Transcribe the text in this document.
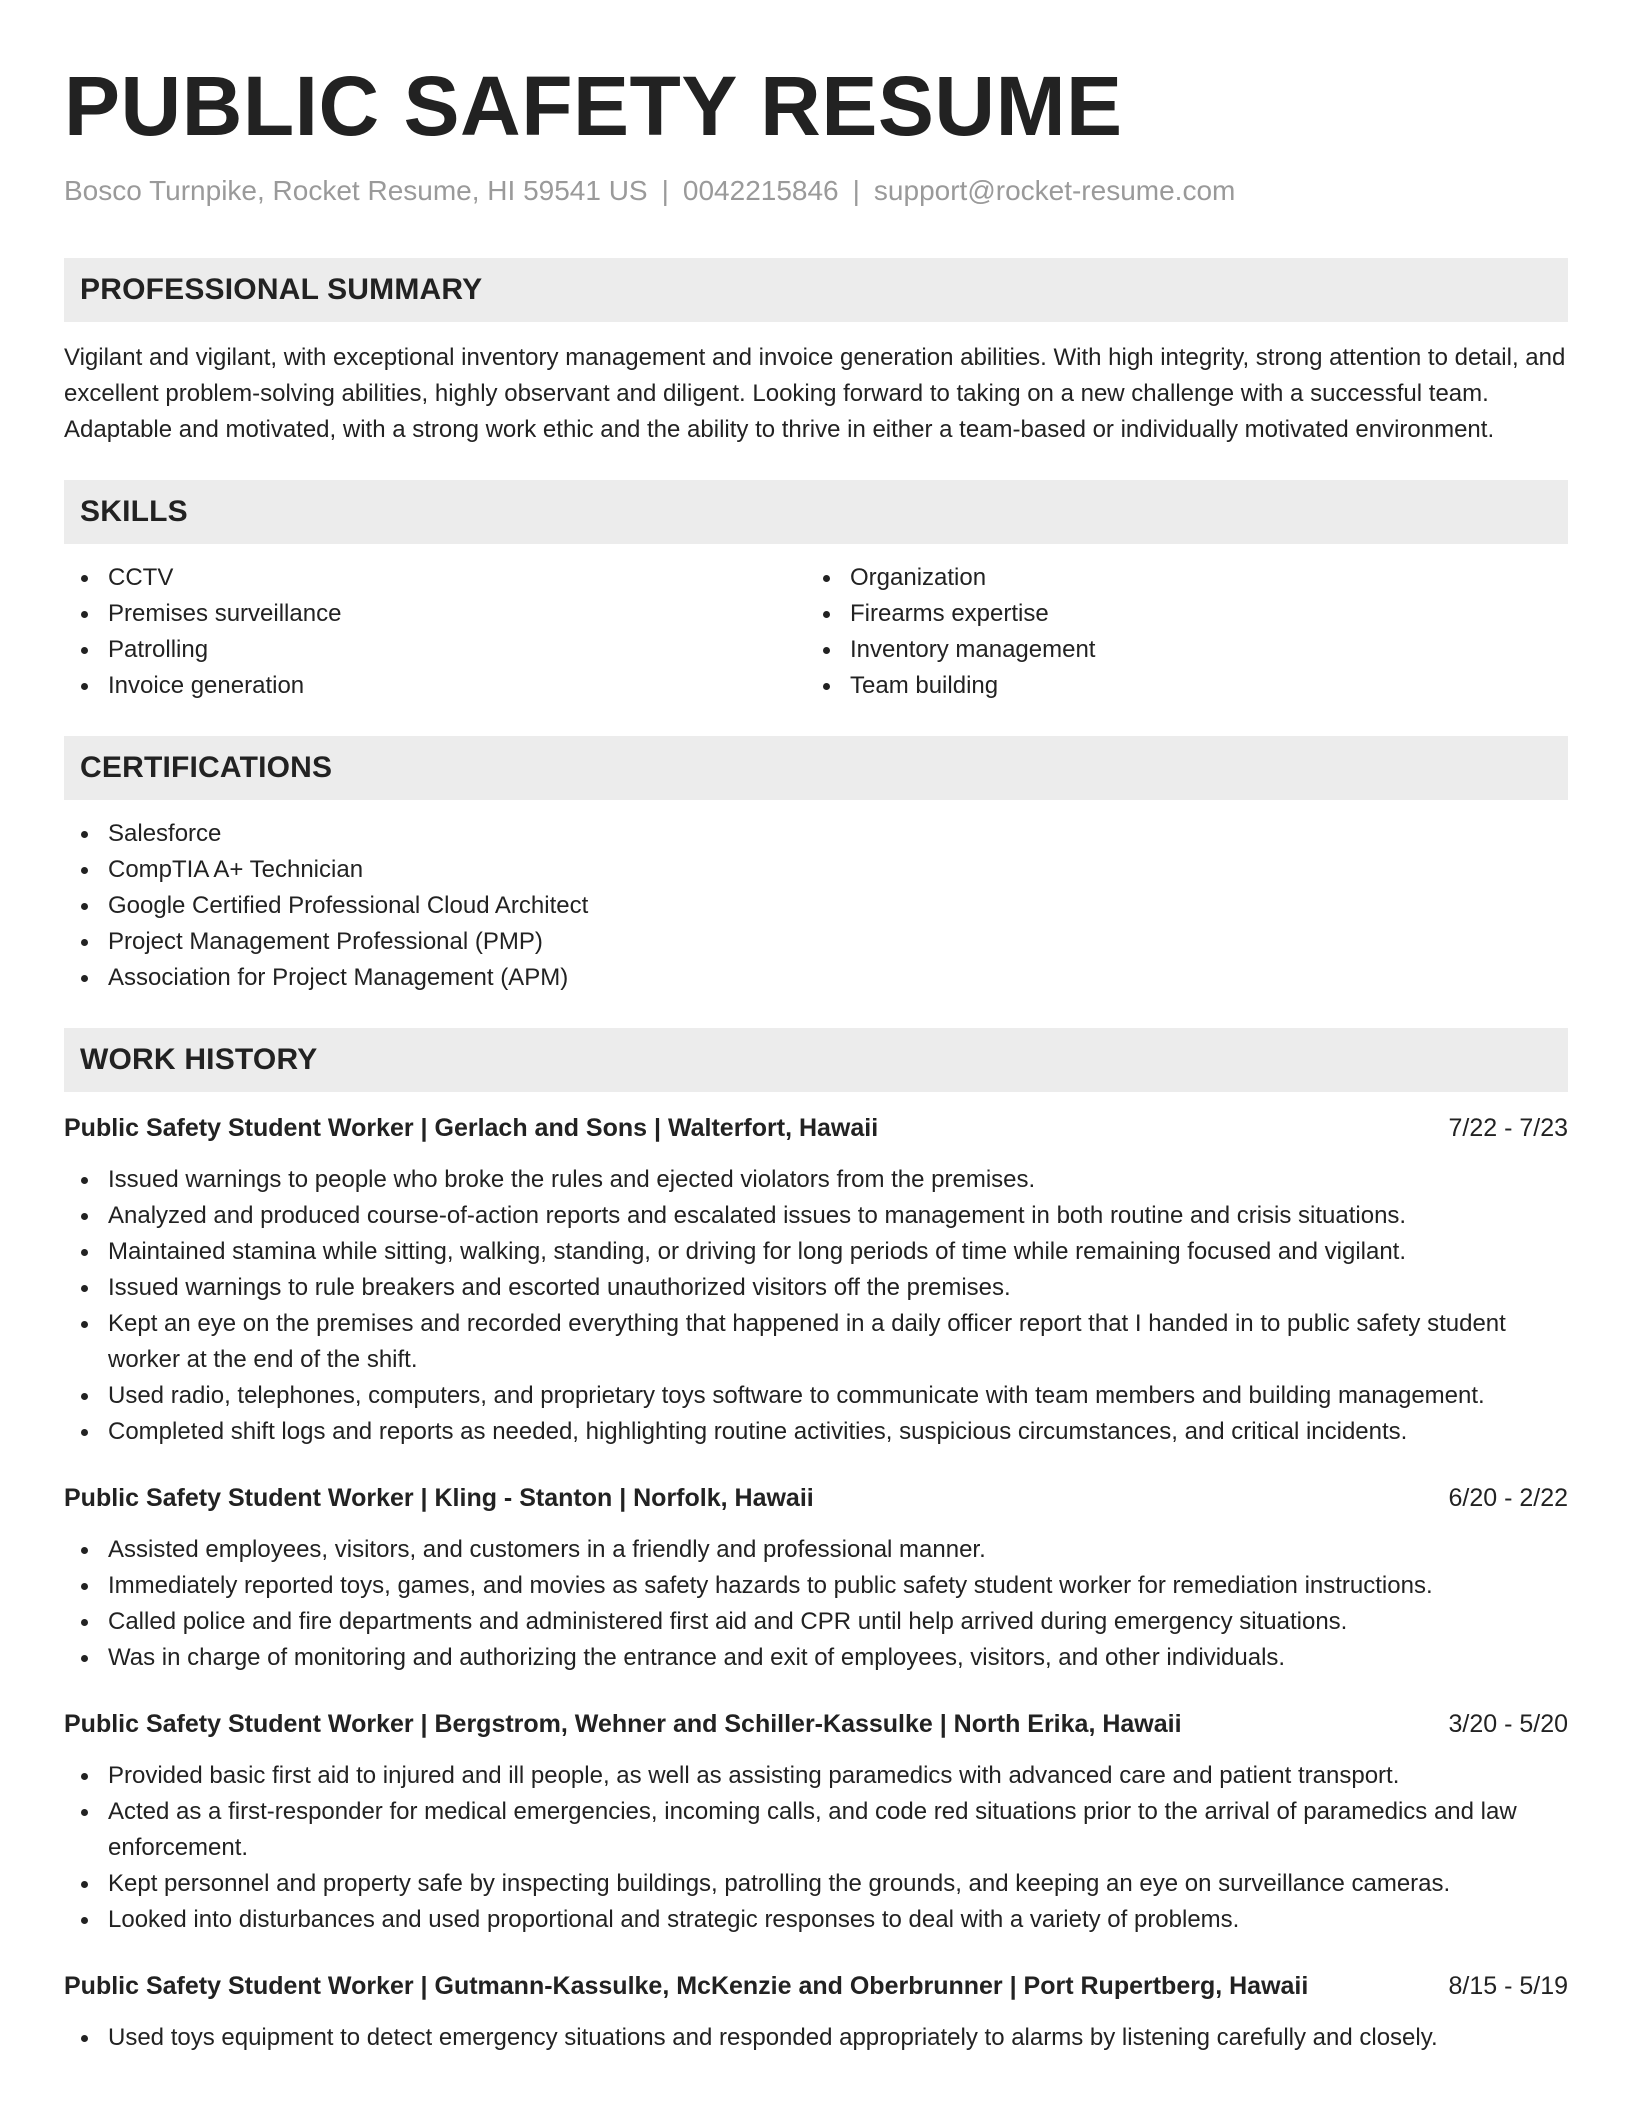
PUBLIC SAFETY RESUME
Bosco Turnpike, Rocket Resume, HI 59541 US | 0042215846 | support@rocket-resume.com
PROFESSIONAL SUMMARY

Vigilant and vigilant, with exceptional inventory management and invoice generation abilities. With high integrity, strong attention to detail, and excellent problem-solving abilities, highly observant and diligent. Looking forward to taking on a new challenge with a successful team. Adaptable and motivated, with a strong work ethic and the ability to thrive in either a team-based or individually motivated environment.

SKILLS
CCTV
Premises surveillance
Patrolling
Invoice generation
Organization
Firearms expertise
Inventory management
Team building
CERTIFICATIONS
Salesforce
CompTIA A+ Technician
Google Certified Professional Cloud Architect
Project Management Professional (PMP)
Association for Project Management (APM)
WORK HISTORY
Public Safety Student Worker | Gerlach and Sons | Walterfort, Hawaii	7/22 - 7/23
Issued warnings to people who broke the rules and ejected violators from the premises.
Analyzed and produced course-of-action reports and escalated issues to management in both routine and crisis situations.
Maintained stamina while sitting, walking, standing, or driving for long periods of time while remaining focused and vigilant.
Issued warnings to rule breakers and escorted unauthorized visitors off the premises.
Kept an eye on the premises and recorded everything that happened in a daily officer report that I handed in to public safety student worker at the end of the shift.
Used radio, telephones, computers, and proprietary toys software to communicate with team members and building management.
Completed shift logs and reports as needed, highlighting routine activities, suspicious circumstances, and critical incidents.
Public Safety Student Worker | Kling - Stanton | Norfolk, Hawaii	6/20 - 2/22
Assisted employees, visitors, and customers in a friendly and professional manner.
Immediately reported toys, games, and movies as safety hazards to public safety student worker for remediation instructions.
Called police and fire departments and administered first aid and CPR until help arrived during emergency situations.
Was in charge of monitoring and authorizing the entrance and exit of employees, visitors, and other individuals.
Public Safety Student Worker | Bergstrom, Wehner and Schiller-Kassulke | North Erika, Hawaii	3/20 - 5/20
Provided basic first aid to injured and ill people, as well as assisting paramedics with advanced care and patient transport.
Acted as a first-responder for medical emergencies, incoming calls, and code red situations prior to the arrival of paramedics and law enforcement.
Kept personnel and property safe by inspecting buildings, patrolling the grounds, and keeping an eye on surveillance cameras.
Looked into disturbances and used proportional and strategic responses to deal with a variety of problems.
Public Safety Student Worker | Gutmann-Kassulke, McKenzie and Oberbrunner | Port Rupertberg, Hawaii	8/15 - 5/19
Used toys equipment to detect emergency situations and responded appropriately to alarms by listening carefully and closely.
